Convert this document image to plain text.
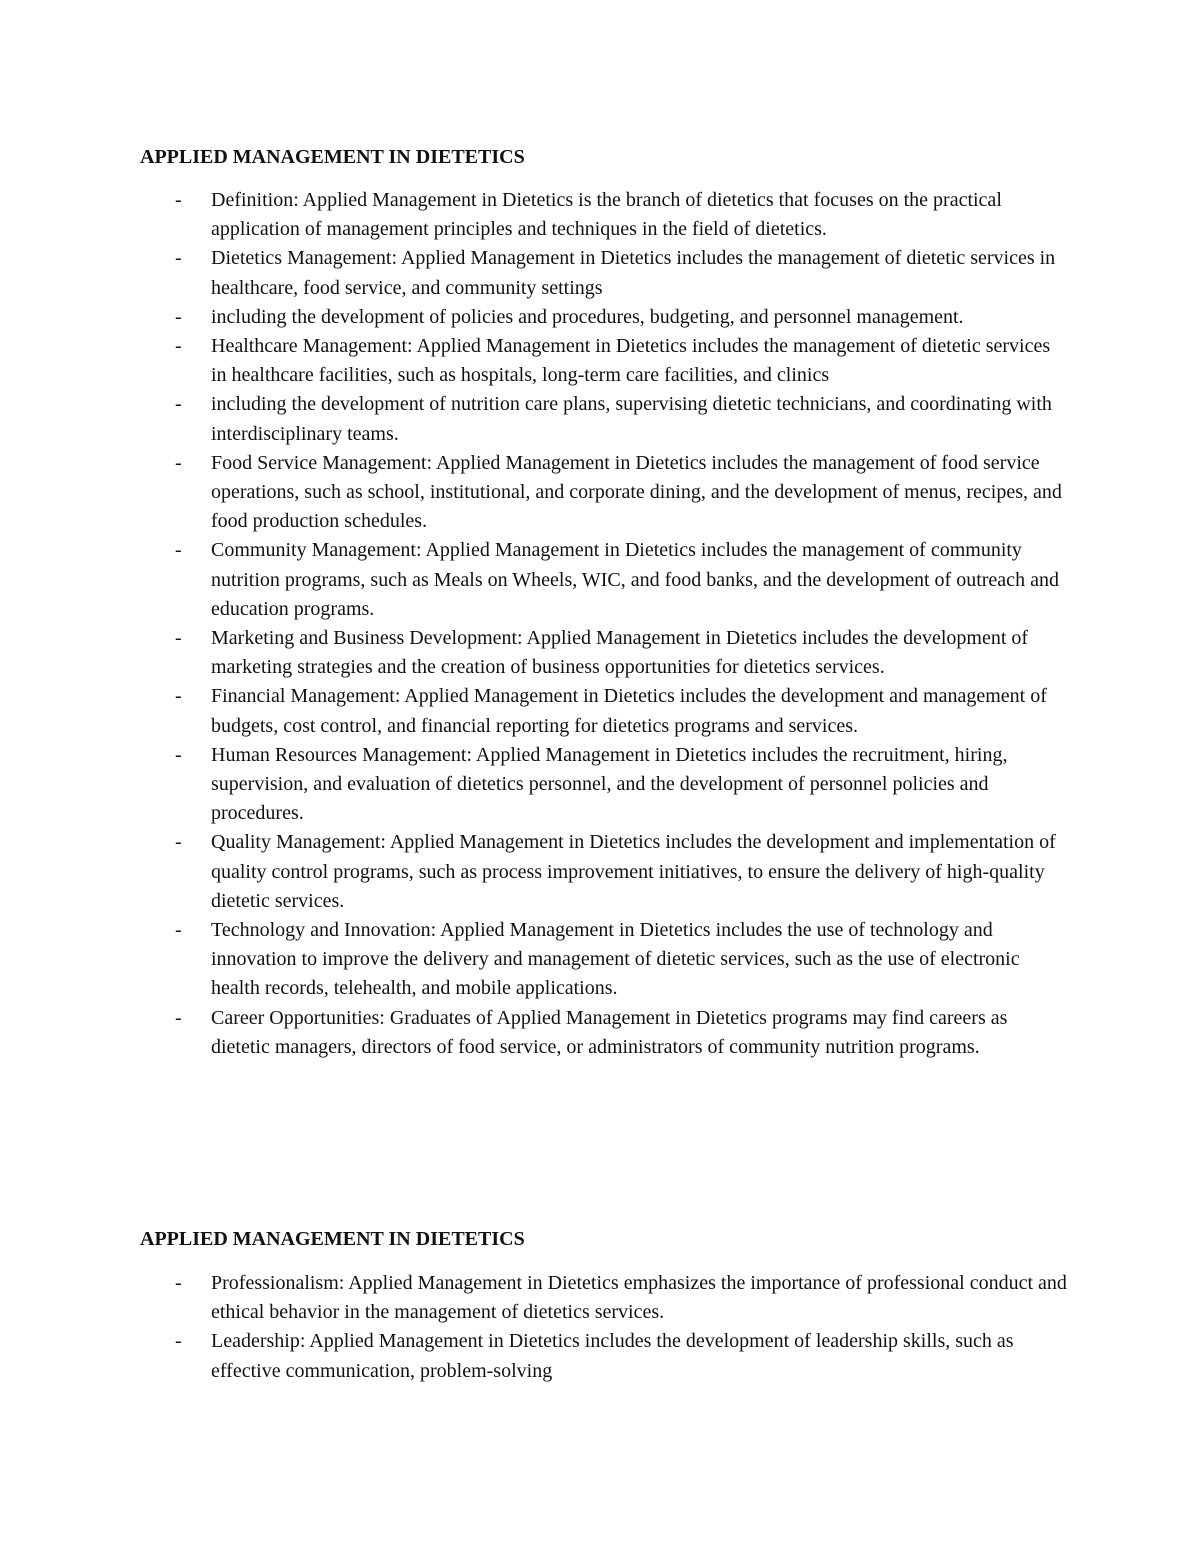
APPLIED MANAGEMENT IN DIETETICS
- Definition: Applied Management in Dietetics is the branch of dietetics that focuses on the practical application of management principles and techniques in the field of dietetics.
- Dietetics Management: Applied Management in Dietetics includes the management of dietetic services in healthcare, food service, and community settings
- including the development of policies and procedures, budgeting, and personnel management.
- Healthcare Management: Applied Management in Dietetics includes the management of dietetic services in healthcare facilities, such as hospitals, long-term care facilities, and clinics
- including the development of nutrition care plans, supervising dietetic technicians, and coordinating with interdisciplinary teams.
- Food Service Management: Applied Management in Dietetics includes the management of food service operations, such as school, institutional, and corporate dining, and the development of menus, recipes, and food production schedules.
- Community Management: Applied Management in Dietetics includes the management of community nutrition programs, such as Meals on Wheels, WIC, and food banks, and the development of outreach and education programs.
- Marketing and Business Development: Applied Management in Dietetics includes the development of marketing strategies and the creation of business opportunities for dietetics services.
- Financial Management: Applied Management in Dietetics includes the development and management of budgets, cost control, and financial reporting for dietetics programs and services.
- Human Resources Management: Applied Management in Dietetics includes the recruitment, hiring, supervision, and evaluation of dietetics personnel, and the development of personnel policies and procedures.
- Quality Management: Applied Management in Dietetics includes the development and implementation of quality control programs, such as process improvement initiatives, to ensure the delivery of high-quality dietetic services.
- Technology and Innovation: Applied Management in Dietetics includes the use of technology and innovation to improve the delivery and management of dietetic services, such as the use of electronic health records, telehealth, and mobile applications.
- Career Opportunities: Graduates of Applied Management in Dietetics programs may find careers as dietetic managers, directors of food service, or administrators of community nutrition programs.
APPLIED MANAGEMENT IN DIETETICS
- Professionalism: Applied Management in Dietetics emphasizes the importance of professional conduct and ethical behavior in the management of dietetics services.
- Leadership: Applied Management in Dietetics includes the development of leadership skills, such as effective communication, problem-solving
